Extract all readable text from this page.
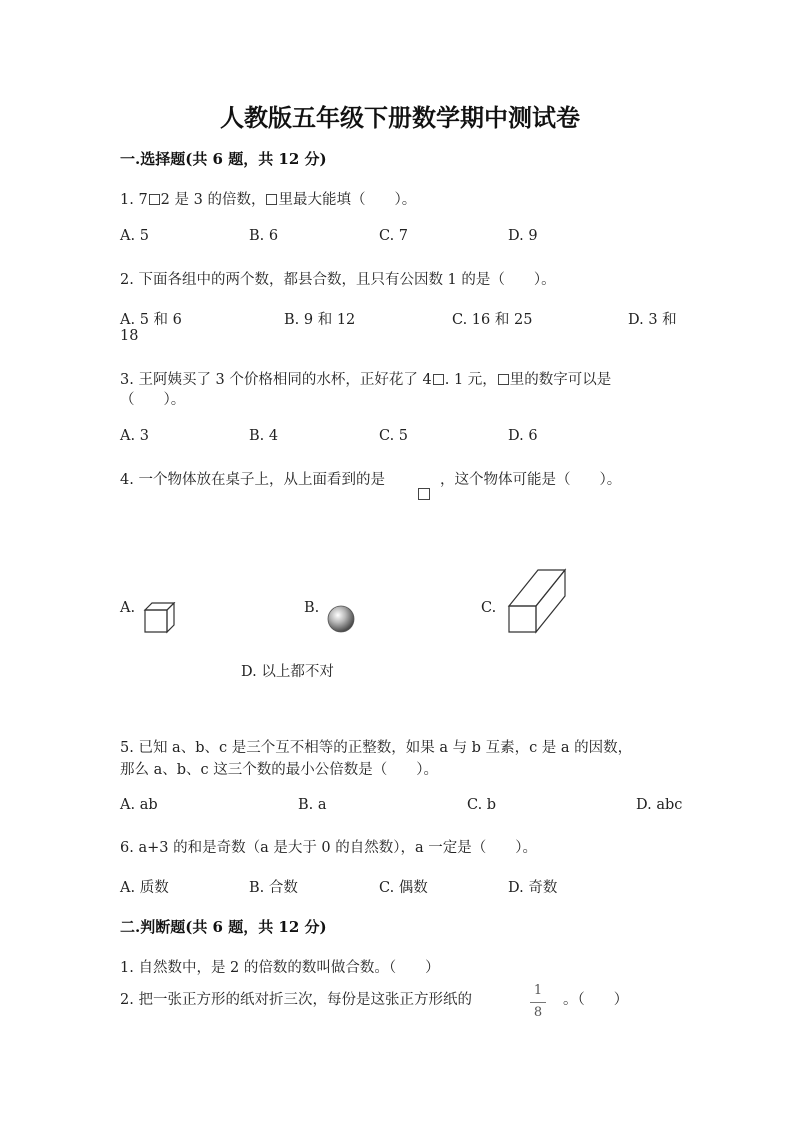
人教版五年级下册数学期中测试卷
一.选择题(共 6 题，共 12 分)
1. 7 2 是 3 的倍数， 里最大能填（　　）。
A. 5	B. 6	C. 7	D. 9
2. 下面各组中的两个数，都县合数，且只有公因数 1 的是（　　）。
A. 5 和 6	B. 9 和 12	C. 16 和 25	D. 3 和
18
3. 王阿姨买了 3 个价格相同的水杯，正好花了 4 . 1 元， 里的数字可以是
（　　）。
A. 3	B. 4	C. 5	D. 6
4. 一个物体放在桌子上，从上面看到的是	，这个物体可能是（　　）。
A.	B.	C.
D. 以上都不对
5. 已知 a、b、c 是三个互不相等的正整数，如果 a 与 b 互素，c 是 a 的因数，
那么 a、b、c 这三个数的最小公倍数是（　　）。
A. ab	B. a	C. b	D. abc
6. a+3 的和是奇数（a 是大于 0 的自然数），a 一定是（　　）。
A. 质数	B. 合数	C. 偶数	D. 奇数
二.判断题(共 6 题，共 12 分)
1. 自然数中，是 2 的倍数的数叫做合数。（　　）
2. 把一张正方形的纸对折三次，每份是这张正方形纸的
1
8
。（　　）
